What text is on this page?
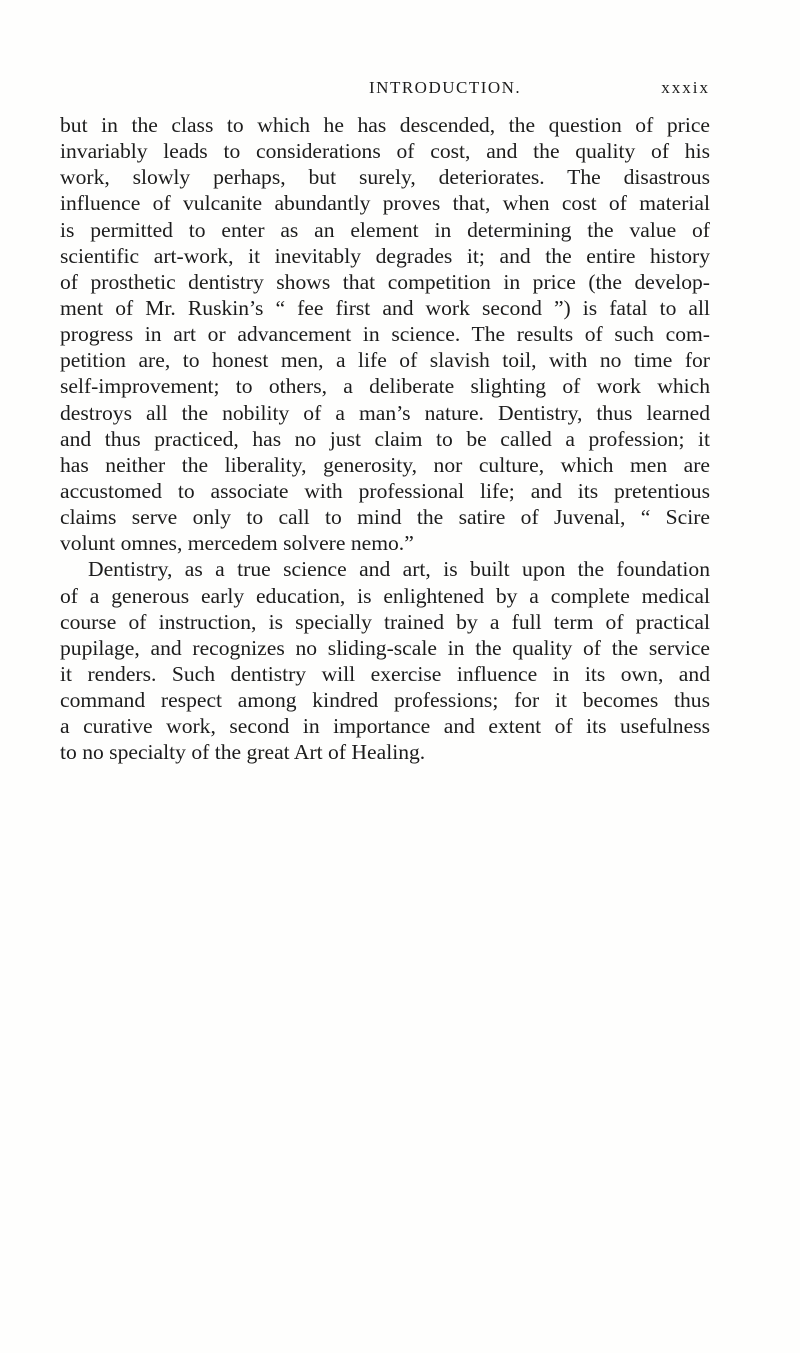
INTRODUCTION.	xxxix
but in the class to which he has descended, the question of price
invariably leads to considerations of cost, and the quality of his
work, slowly perhaps, but surely, deteriorates. The disastrous
influence of vulcanite abundantly proves that, when cost of material
is permitted to enter as an element in determining the value of
scientific art-work, it inevitably degrades it; and the entire history
of prosthetic dentistry shows that competition in price (the develop-
ment of Mr. Ruskin’s “ fee first and work second ”) is fatal to all
progress in art or advancement in science. The results of such com-
petition are, to honest men, a life of slavish toil, with no time for
self-improvement; to others, a deliberate slighting of work which
destroys all the nobility of a man’s nature. Dentistry, thus learned
and thus practiced, has no just claim to be called a profession; it
has neither the liberality, generosity, nor culture, which men are
accustomed to associate with professional life; and its pretentious
claims serve only to call to mind the satire of Juvenal, “ Scire
volunt omnes, mercedem solvere nemo.”
Dentistry, as a true science and art, is built upon the foundation
of a generous early education, is enlightened by a complete medical
course of instruction, is specially trained by a full term of practical
pupilage, and recognizes no sliding-scale in the quality of the service
it renders. Such dentistry will exercise influence in its own, and
command respect among kindred professions; for it becomes thus
a curative work, second in importance and extent of its usefulness
to no specialty of the great Art of Healing.
